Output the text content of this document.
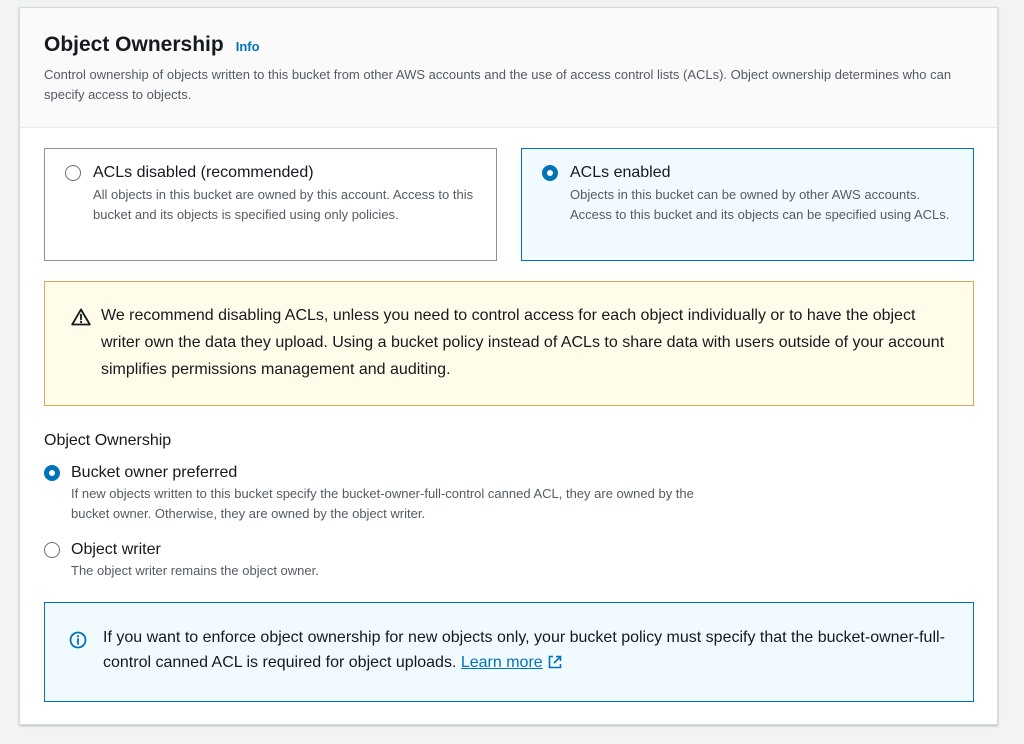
Object Ownership Info
Control ownership of objects written to this bucket from other AWS accounts and the use of access control lists (ACLs). Object ownership determines who can specify access to objects.
ACLs disabled (recommended)
All objects in this bucket are owned by this account. Access to this bucket and its objects is specified using only policies.
ACLs enabled
Objects in this bucket can be owned by other AWS accounts. Access to this bucket and its objects can be specified using ACLs.
We recommend disabling ACLs, unless you need to control access for each object individually or to have the object writer own the data they upload. Using a bucket policy instead of ACLs to share data with users outside of your account simplifies permissions management and auditing.
Object Ownership
Bucket owner preferred
If new objects written to this bucket specify the bucket-owner-full-control canned ACL, they are owned by the bucket owner. Otherwise, they are owned by the object writer.
Object writer
The object writer remains the object owner.
If you want to enforce object ownership for new objects only, your bucket policy must specify that the bucket-owner-full-control canned ACL is required for object uploads. Learn more
